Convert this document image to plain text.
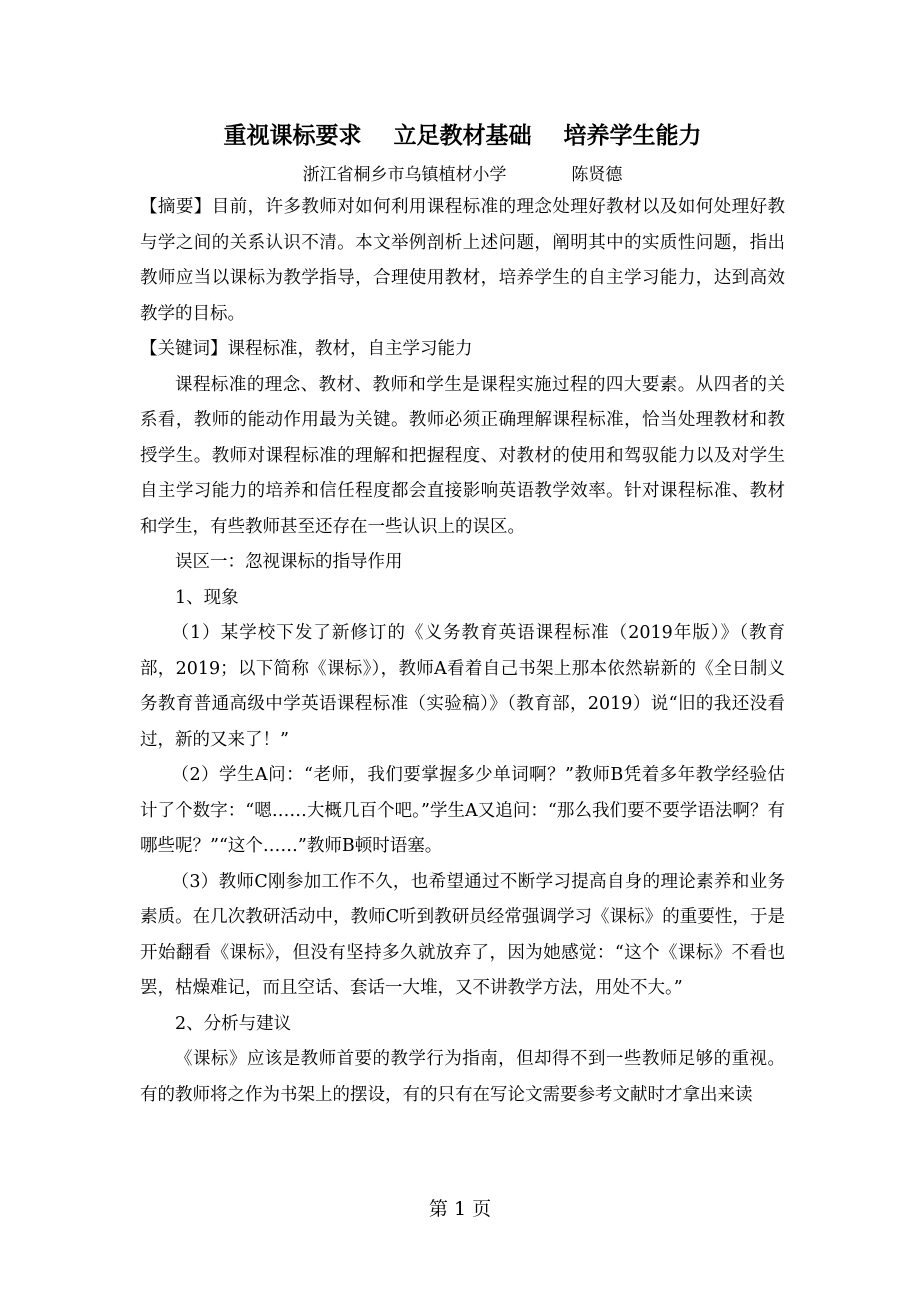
重视课标要求    立足教材基础    培养学生能力

浙江省桐乡市乌镇植材小学            陈贤德

【摘要】目前，许多教师对如何利用课程标准的理念处理好教材以及如何处理好教与学之间的关系认识不清。本文举例剖析上述问题，阐明其中的实质性问题，指出教师应当以课标为教学指导，合理使用教材，培养学生的自主学习能力，达到高效教学的目标。

【关键词】课程标准，教材，自主学习能力

课程标准的理念、教材、教师和学生是课程实施过程的四大要素。从四者的关系看，教师的能动作用最为关键。教师必须正确理解课程标准，恰当处理教材和教授学生。教师对课程标准的理解和把握程度、对教材的使用和驾驭能力以及对学生自主学习能力的培养和信任程度都会直接影响英语教学效率。针对课程标准、教材和学生，有些教师甚至还存在一些认识上的误区。

误区一：忽视课标的指导作用

1、现象

（1）某学校下发了新修订的《义务教育英语课程标准（2019年版）》（教育部，2019；以下简称《课标》），教师A看着自己书架上那本依然崭新的《全日制义务教育普通高级中学英语课程标准（实验稿）》（教育部，2019）说“旧的我还没看过，新的又来了！”

（2）学生A问：“老师，我们要掌握多少单词啊？”教师B凭着多年教学经验估计了个数字：“嗯……大概几百个吧。”学生A又追问：“那么我们要不要学语法啊？有哪些呢？”“这个……”教师B顿时语塞。

（3）教师C刚参加工作不久，也希望通过不断学习提高自身的理论素养和业务素质。在几次教研活动中，教师C听到教研员经常强调学习《课标》的重要性，于是开始翻看《课标》，但没有坚持多久就放弃了，因为她感觉：“这个《课标》不看也罢，枯燥难记，而且空话、套话一大堆，又不讲教学方法，用处不大。”

2、分析与建议

《课标》应该是教师首要的教学行为指南，但却得不到一些教师足够的重视。有的教师将之作为书架上的摆设，有的只有在写论文需要参考文献时才拿出来读

第 1 页
